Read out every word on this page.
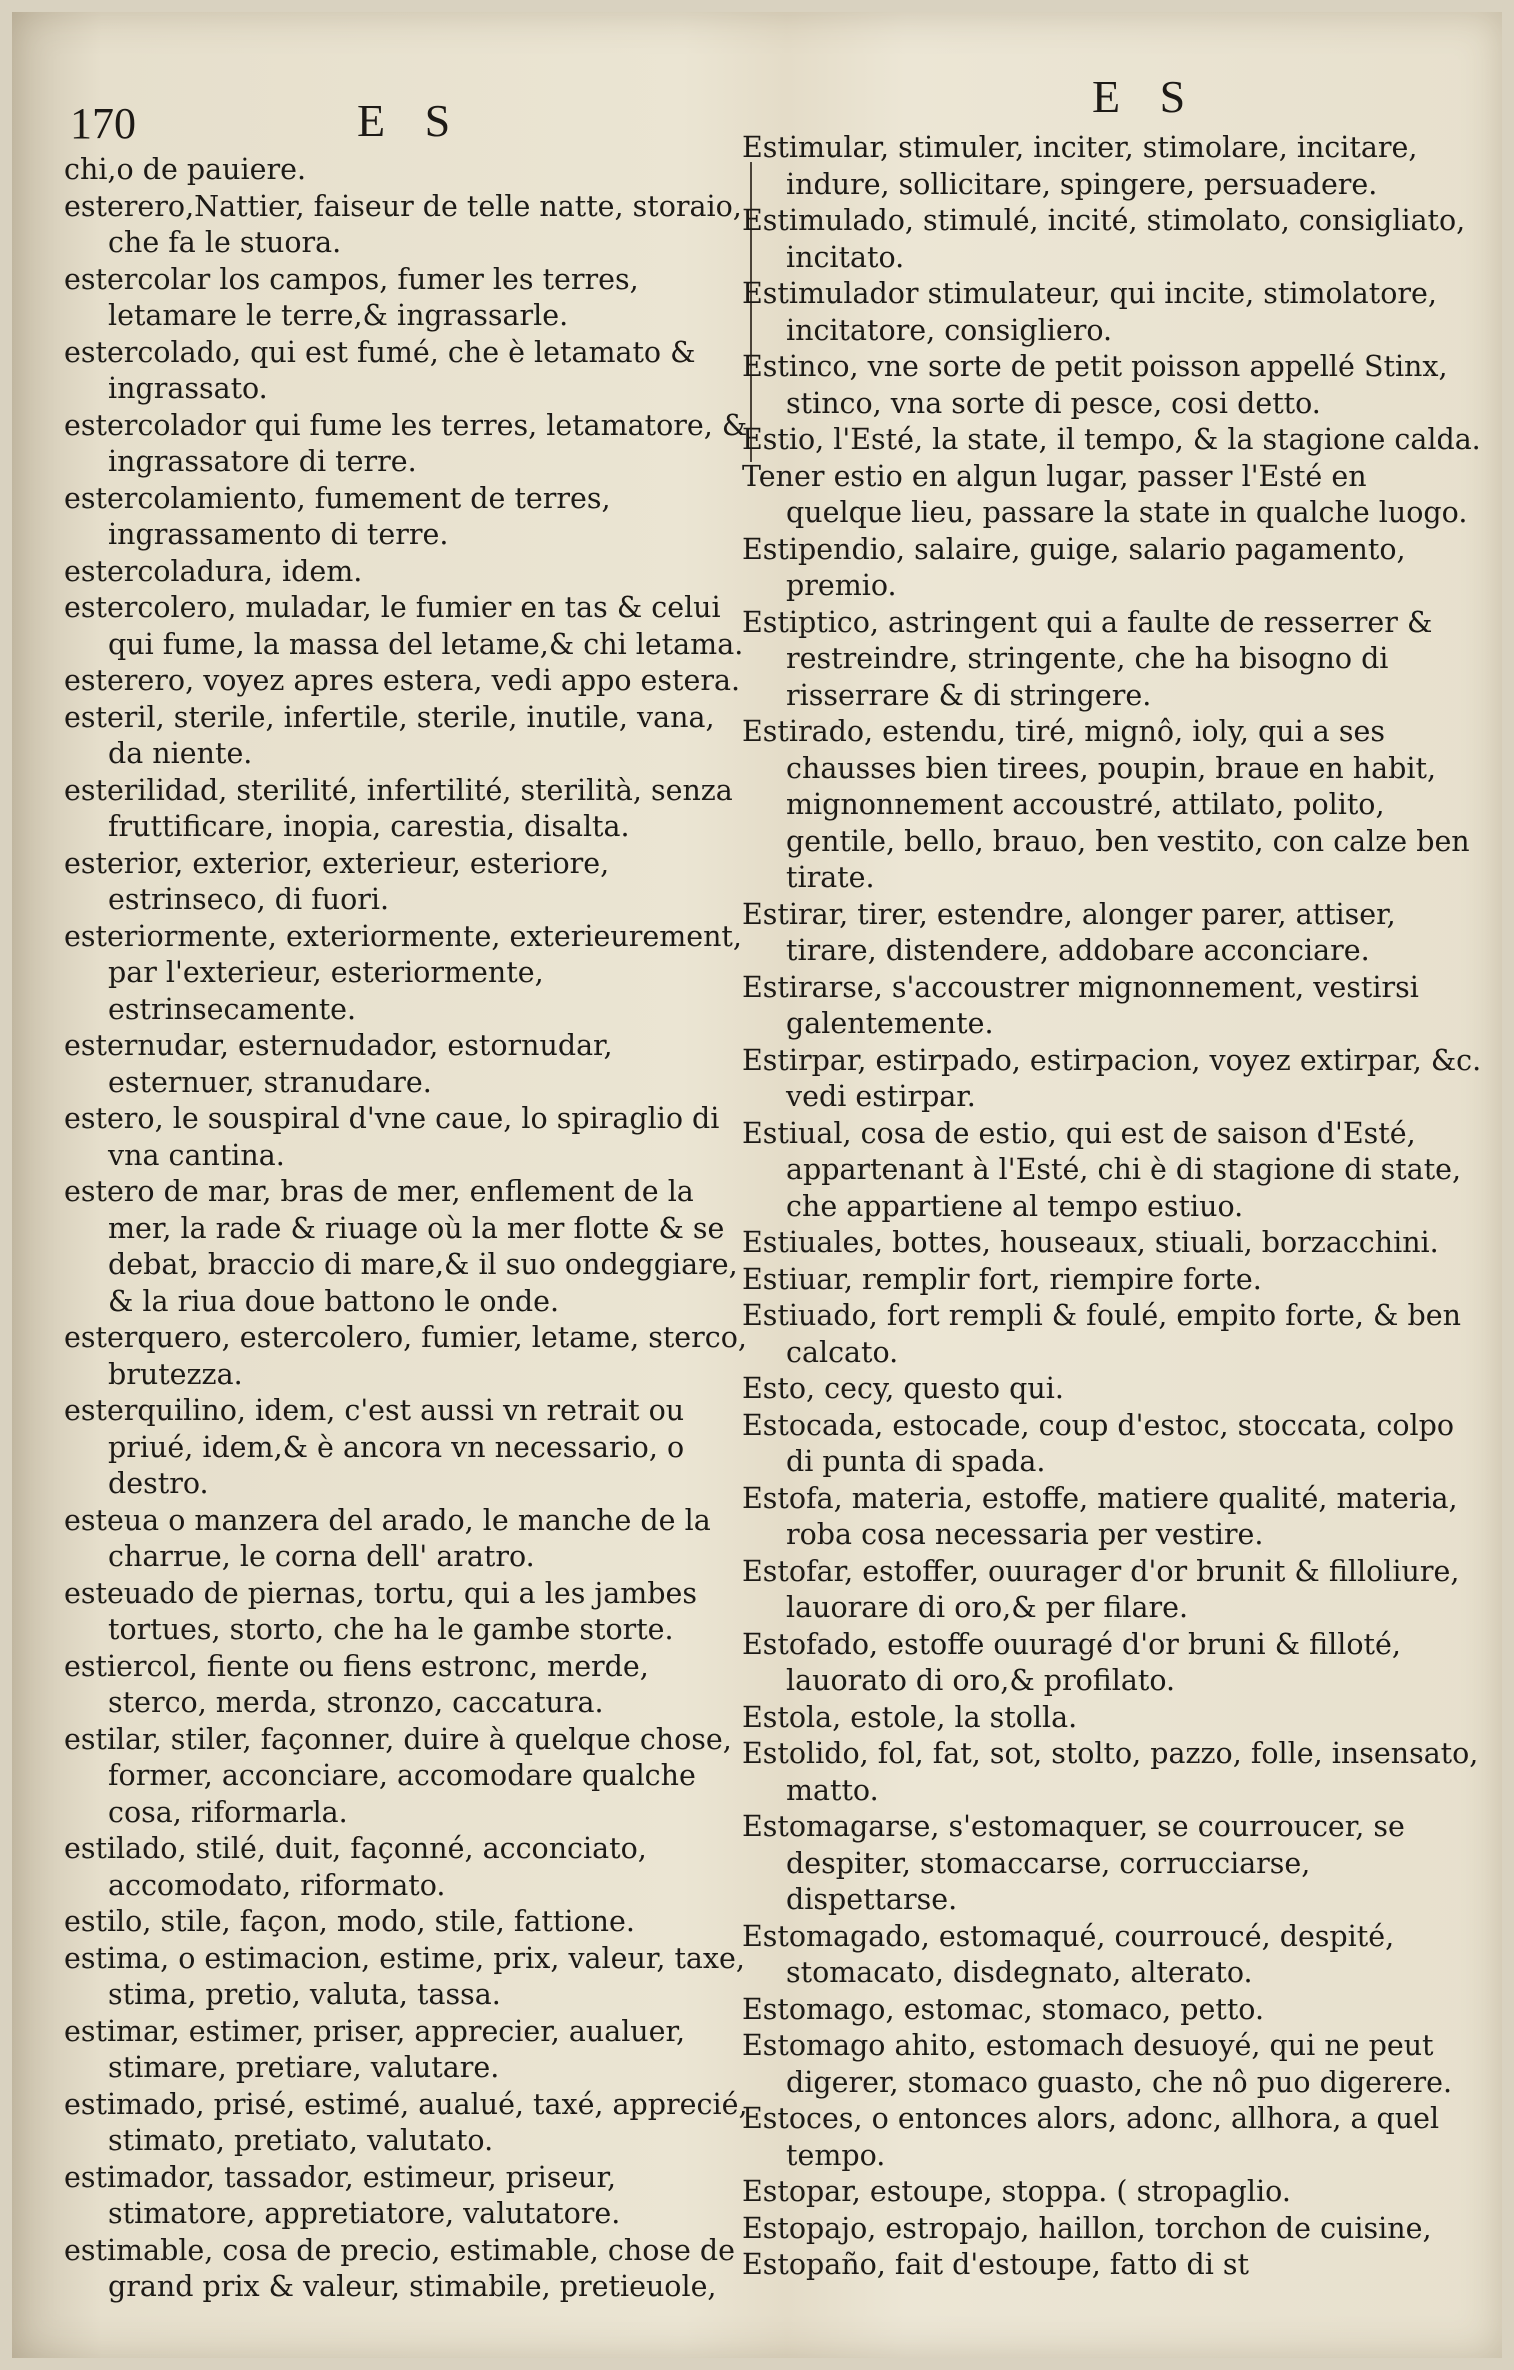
170	E S	E S

chi,o de pauiere.

esterero,Nattier, faiseur de telle natte, storaio, che fa le stuora.

estercolar los campos, fumer les terres, letamare le terre,& ingrassarle.

estercolado, qui est fumé, che è letamato & ingrassato.

estercolador qui fume les terres, letamatore, & ingrassatore di terre.

estercolamiento, fumement de terres, ingrassamento di terre.

estercoladura, idem.

estercolero, muladar, le fumier en tas & celui qui fume, la massa del letame,& chi letama.

esterero, voyez apres estera, vedi appo estera.

esteril, sterile, infertile, sterile, inutile, vana, da niente.

esterilidad, sterilité, infertilité, sterilità, senza fruttificare, inopia, carestia, disalta.

esterior, exterior, exterieur, esteriore, estrinseco, di fuori.

esteriormente, exteriormente, exterieurement, par l'exterieur, esteriormente, estrinsecamente.

esternudar, esternudador, estornudar, esternuer, stranudare.

estero, le souspiral d'vne caue, lo spiraglio di vna cantina.

estero de mar, bras de mer, enflement de la mer, la rade & riuage où la mer flotte & se debat, braccio di mare,& il suo ondeggiare, & la riua doue battono le onde.

esterquero, estercolero, fumier, letame, sterco, brutezza.

esterquilino, idem, c'est aussi vn retrait ou priué, idem,& è ancora vn necessario, o destro.

esteua o manzera del arado, le manche de la charrue, le corna dell' aratro.

esteuado de piernas, tortu, qui a les jambes tortues, storto, che ha le gambe storte.

estiercol, fiente ou fiens estronc, merde, sterco, merda, stronzo, caccatura.

estilar, stiler, façonner, duire à quelque chose, former, acconciare, accomodare qualche cosa, riformarla.

estilado, stilé, duit, façonné, acconciato, accomodato, riformato.

estilo, stile, façon, modo, stile, fattione.

estima, o estimacion, estime, prix, valeur, taxe, stima, pretio, valuta, tassa.

estimar, estimer, priser, apprecier, aualuer, stimare, pretiare, valutare.

estimado, prisé, estimé, aualué, taxé, apprecié, stimato, pretiato, valutato.

estimador, tassador, estimeur, priseur, stimatore, appretiatore, valutatore.

estimable, cosa de precio, estimable, chose de grand prix & valeur, stimabile, pretieuole,

Estimular, stimuler, inciter, stimolare, incitare, indure, sollicitare, spingere, persuadere.

Estimulado, stimulé, incité, stimolato, consigliato, incitato.

Estimulador stimulateur, qui incite, stimolatore, incitatore, consigliero.

Estinco, vne sorte de petit poisson appellé Stinx, stinco, vna sorte di pesce, cosi detto.

Estio, l'Esté, la state, il tempo, & la stagione calda.

Tener estio en algun lugar, passer l'Esté en quelque lieu, passare la state in qualche luogo.

Estipendio, salaire, guige, salario pagamento, premio.

Estiptico, astringent qui a faulte de resserrer & restreindre, stringente, che ha bisogno di risserrare & di stringere.

Estirado, estendu, tiré, mignô, ioly, qui a ses chausses bien tirees, poupin, braue en habit, mignonnement accoustré, attilato, polito, gentile, bello, brauo, ben vestito, con calze ben tirate.

Estirar, tirer, estendre, alonger parer, attiser, tirare, distendere, addobare acconciare.

Estirarse, s'accoustrer mignonnement, vestirsi galentemente.

Estirpar, estirpado, estirpacion, voyez extirpar, &c. vedi estirpar.

Estiual, cosa de estio, qui est de saison d'Esté, appartenant à l'Esté, chi è di stagione di state, che appartiene al tempo estiuo.

Estiuales, bottes, houseaux, stiuali, borzacchini.

Estiuar, remplir fort, riempire forte.

Estiuado, fort rempli & foulé, empito forte, & ben calcato.

Esto, cecy, questo qui.

Estocada, estocade, coup d'estoc, stoccata, colpo di punta di spada.

Estofa, materia, estoffe, matiere qualité, materia, roba cosa necessaria per vestire.

Estofar, estoffer, ouurager d'or brunit & filloliure, lauorare di oro,& per filare.

Estofado, estoffe ouuragé d'or bruni & filloté, lauorato di oro,& profilato.

Estola, estole, la stolla.

Estolido, fol, fat, sot, stolto, pazzo, folle, insensato, matto.

Estomagarse, s'estomaquer, se courroucer, se despiter, stomaccarse, corrucciarse, dispettarse.

Estomagado, estomaqué, courroucé, despité, stomacato, disdegnato, alterato.

Estomago, estomac, stomaco, petto.

Estomago ahito, estomach desuoyé, qui ne peut digerer, stomaco guasto, che nô puo digerere.

Estoces, o entonces alors, adonc, allhora, a quel tempo.

Estopar, estoupe, stoppa. ( stropaglio.

Estopajo, estropajo, haillon, torchon de cuisine,

Estopaño, fait d'estoupe, fatto di st
